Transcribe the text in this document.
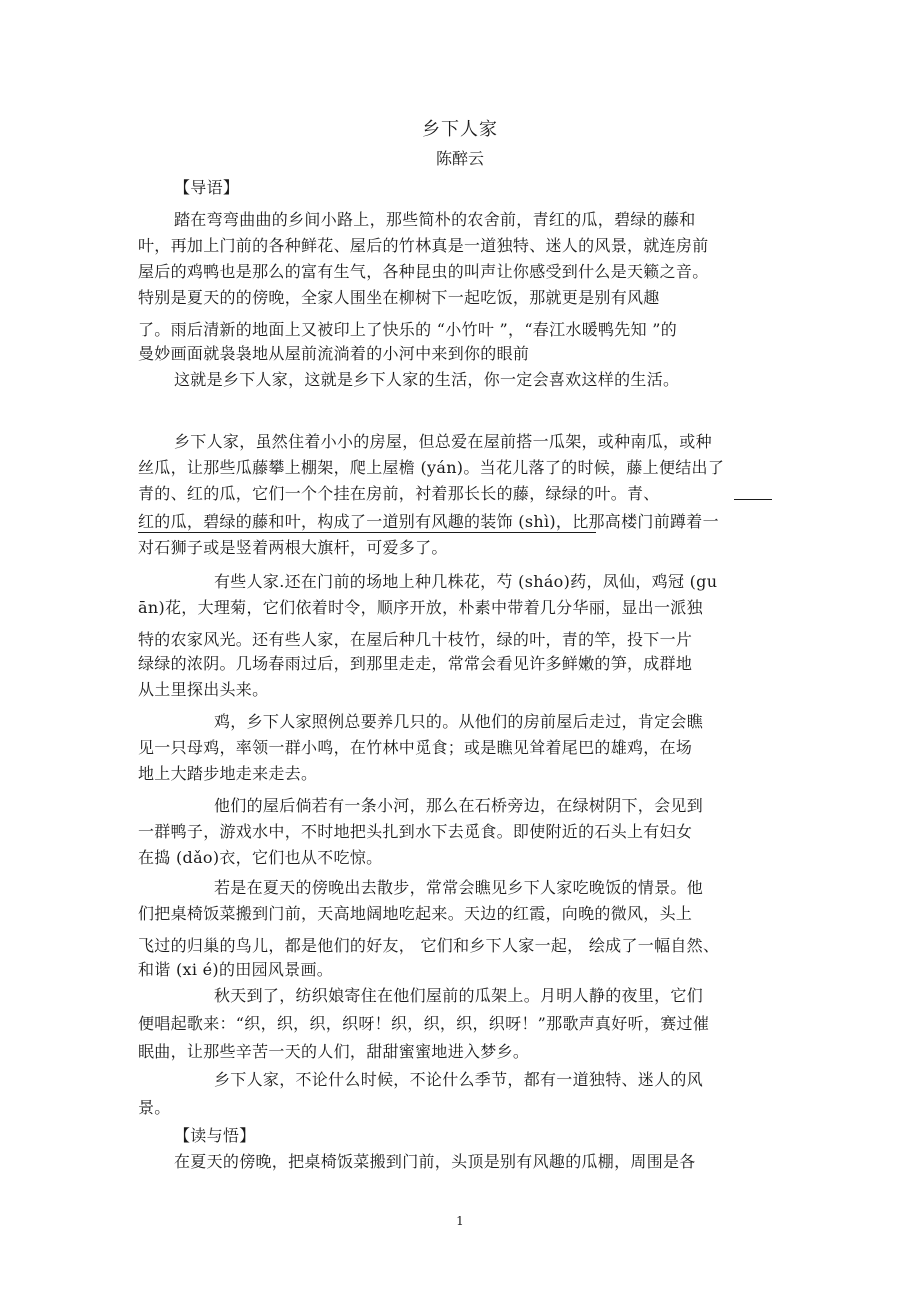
乡下人家
陈醉云
【导语】
踏在弯弯曲曲的乡间小路上，那些简朴的农舍前，青红的瓜，碧绿的藤和
叶，再加上门前的各种鲜花、屋后的竹林真是一道独特、迷人的风景，就连房前
屋后的鸡鸭也是那么的富有生气，各种昆虫的叫声让你感受到什么是天籁之音。
特别是夏天的的傍晚，全家人围坐在柳树下一起吃饭，那就更是别有风趣
了。雨后清新的地面上又被印上了快乐的 “小竹叶 ”，“春江水暖鸭先知 ”的
曼妙画面就袅袅地从屋前流淌着的小河中来到你的眼前
这就是乡下人家，这就是乡下人家的生活，你一定会喜欢这样的生活。
乡下人家，虽然住着小小的房屋，但总爱在屋前搭一瓜架，或种南瓜，或种
丝瓜，让那些瓜藤攀上棚架，爬上屋檐 (yán)。当花儿落了的时候，藤上便结出了
青的、红的瓜，它们一个个挂在房前，衬着那长长的藤，绿绿的叶。青、
红的瓜，碧绿的藤和叶，构成了一道别有风趣的装饰 (shì)，比那高楼门前蹲着一
对石狮子或是竖着两根大旗杆，可爱多了。
有些人家.还在门前的场地上种几株花，芍 (sháo)药，凤仙，鸡冠 (gu
ān)花，大理菊，它们依着时令，顺序开放，朴素中带着几分华丽，显出一派独
特的农家风光。还有些人家，在屋后种几十枝竹，绿的叶，青的竿，投下一片
绿绿的浓阴。几场春雨过后，到那里走走，常常会看见许多鲜嫩的笋，成群地
从土里探出头来。
鸡，乡下人家照例总要养几只的。从他们的房前屋后走过，肯定会瞧
见一只母鸡，率领一群小鸣，在竹林中觅食；或是瞧见耸着尾巴的雄鸡，在场
地上大踏步地走来走去。
他们的屋后倘若有一条小河，那么在石桥旁边，在绿树阴下，会见到
一群鸭子，游戏水中，不时地把头扎到水下去觅食。即使附近的石头上有妇女
在捣 (dǎo)衣，它们也从不吃惊。
若是在夏天的傍晚出去散步，常常会瞧见乡下人家吃晚饭的情景。他
们把桌椅饭菜搬到门前，天高地阔地吃起来。天边的红霞，向晚的微风，头上
飞过的归巢的鸟儿，都是他们的好友， 它们和乡下人家一起， 绘成了一幅自然、
和谐 (xi é)的田园风景画。
秋天到了，纺织娘寄住在他们屋前的瓜架上。月明人静的夜里，它们
便唱起歌来：“织，织，织，织呀！织，织，织，织呀！”那歌声真好听，赛过催
眠曲，让那些辛苦一天的人们，甜甜蜜蜜地进入梦乡。
乡下人家，不论什么时候，不论什么季节，都有一道独特、迷人的风
景。
【读与悟】
在夏天的傍晚，把桌椅饭菜搬到门前，头顶是别有风趣的瓜棚，周围是各
1
